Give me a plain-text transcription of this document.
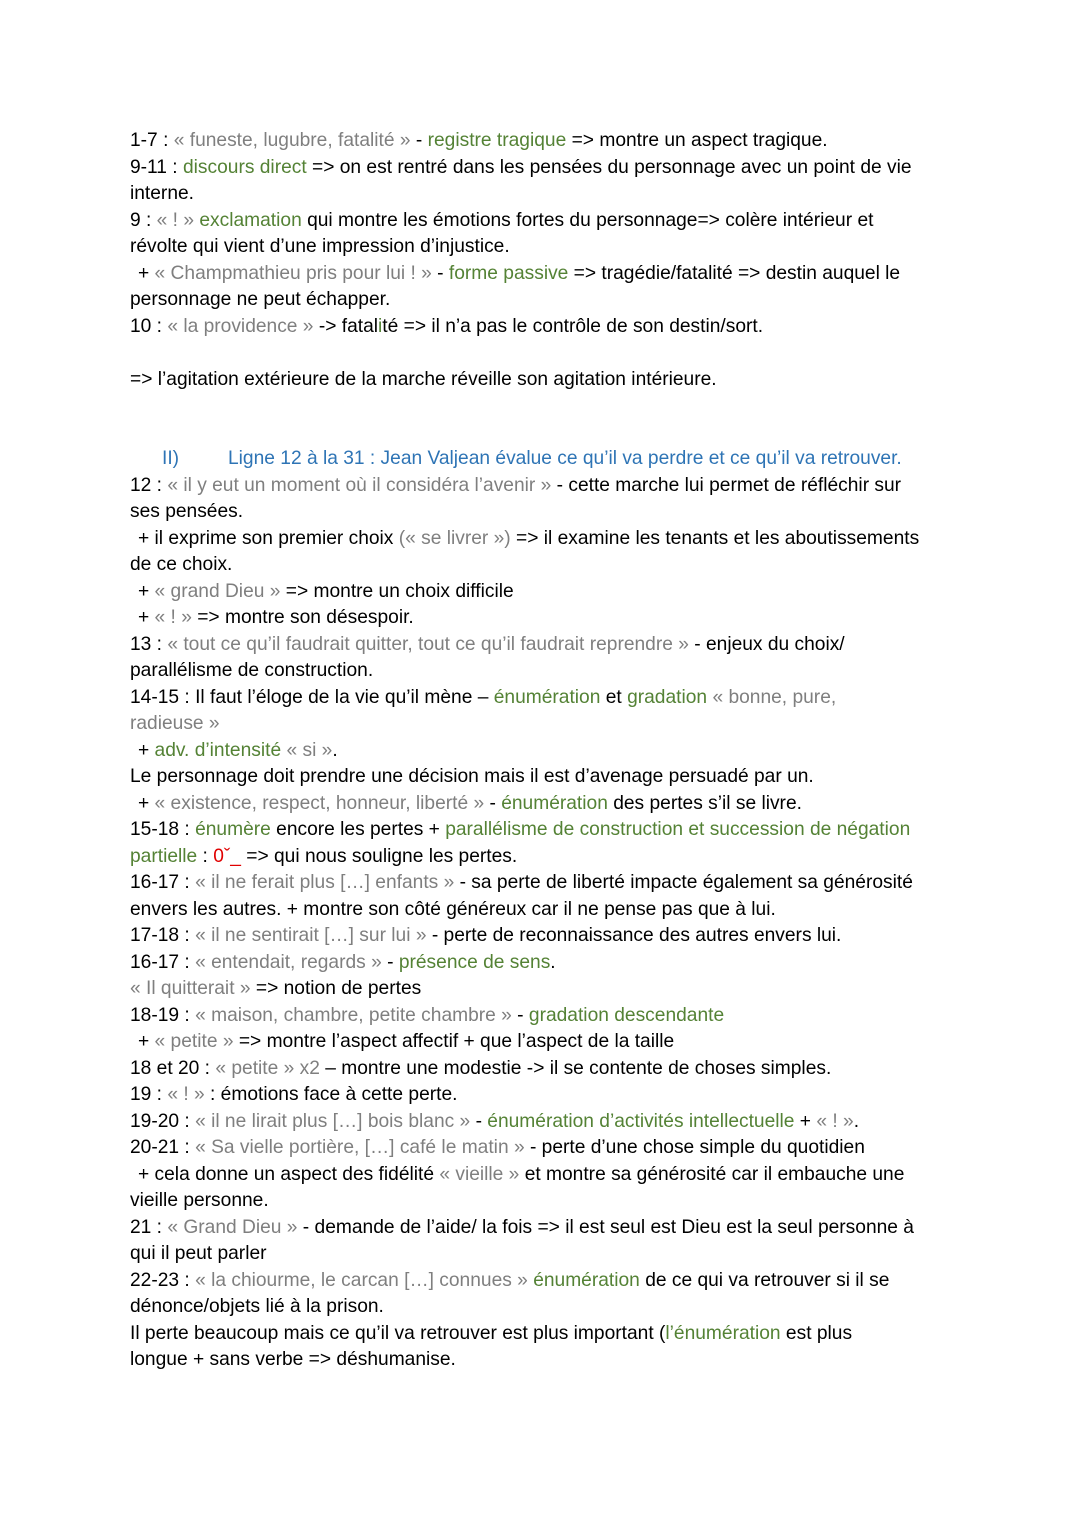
1-7 : « funeste, lugubre, fatalité » - registre tragique => montre un aspect tragique.
9-11 : discours direct => on est rentré dans les pensées du personnage avec un point de vie
interne.
9 : « ! » exclamation qui montre les émotions fortes du personnage=> colère intérieur et
révolte qui vient d’une impression d’injustice.
+ « Champmathieu pris pour lui ! » - forme passive => tragédie/fatalité => destin auquel le
personnage ne peut échapper.
10 : « la providence » -> fatalité => il n’a pas le contrôle de son destin/sort.
=> l’agitation extérieure de la marche réveille son agitation intérieure.
II)	Ligne 12 à la 31 : Jean Valjean évalue ce qu’il va perdre et ce qu’il va retrouver.
12 : « il y eut un moment où il considéra l’avenir » - cette marche lui permet de réfléchir sur
ses pensées.
+ il exprime son premier choix (« se livrer ») => il examine les tenants et les aboutissements
de ce choix.
+ « grand Dieu » => montre un choix difficile
+ « ! » => montre son désespoir.
13 : « tout ce qu’il faudrait quitter, tout ce qu’il faudrait reprendre » - enjeux du choix/
parallélisme de construction.
14-15 : Il faut l’éloge de la vie qu’il mène – énumération et gradation « bonne, pure,
radieuse »
+ adv. d’intensité « si ».
Le personnage doit prendre une décision mais il est d’avenage persuadé par un.
+ « existence, respect, honneur, liberté » - énumération des pertes s’il se livre.
15-18 : énumère encore les pertes + parallélisme de construction et succession de négation
partielle : 0ˇ_ => qui nous souligne les pertes.
16-17 : « il ne ferait plus […] enfants » - sa perte de liberté impacte également sa générosité
envers les autres. + montre son côté généreux car il ne pense pas que à lui.
17-18 : « il ne sentirait […] sur lui » - perte de reconnaissance des autres envers lui.
16-17 : « entendait, regards » - présence de sens.
« Il quitterait » => notion de pertes
18-19 : « maison, chambre, petite chambre » - gradation descendante
+ « petite » => montre l’aspect affectif + que l’aspect de la taille
18 et 20 : « petite » x2 – montre une modestie -> il se contente de choses simples.
19 : « ! » : émotions face à cette perte.
19-20 : « il ne lirait plus […] bois blanc » - énumération d’activités intellectuelle + « ! ».
20-21 : « Sa vielle portière, […] café le matin » - perte d’une chose simple du quotidien
+ cela donne un aspect des fidélité « vieille » et montre sa générosité car il embauche une
vieille personne.
21 : « Grand Dieu » - demande de l’aide/ la fois => il est seul est Dieu est la seul personne à
qui il peut parler
22-23 : « la chiourme, le carcan […] connues » énumération de ce qui va retrouver si il se
dénonce/objets lié à la prison.
Il perte beaucoup mais ce qu’il va retrouver est plus important (l’énumération est plus
longue + sans verbe => déshumanise.
